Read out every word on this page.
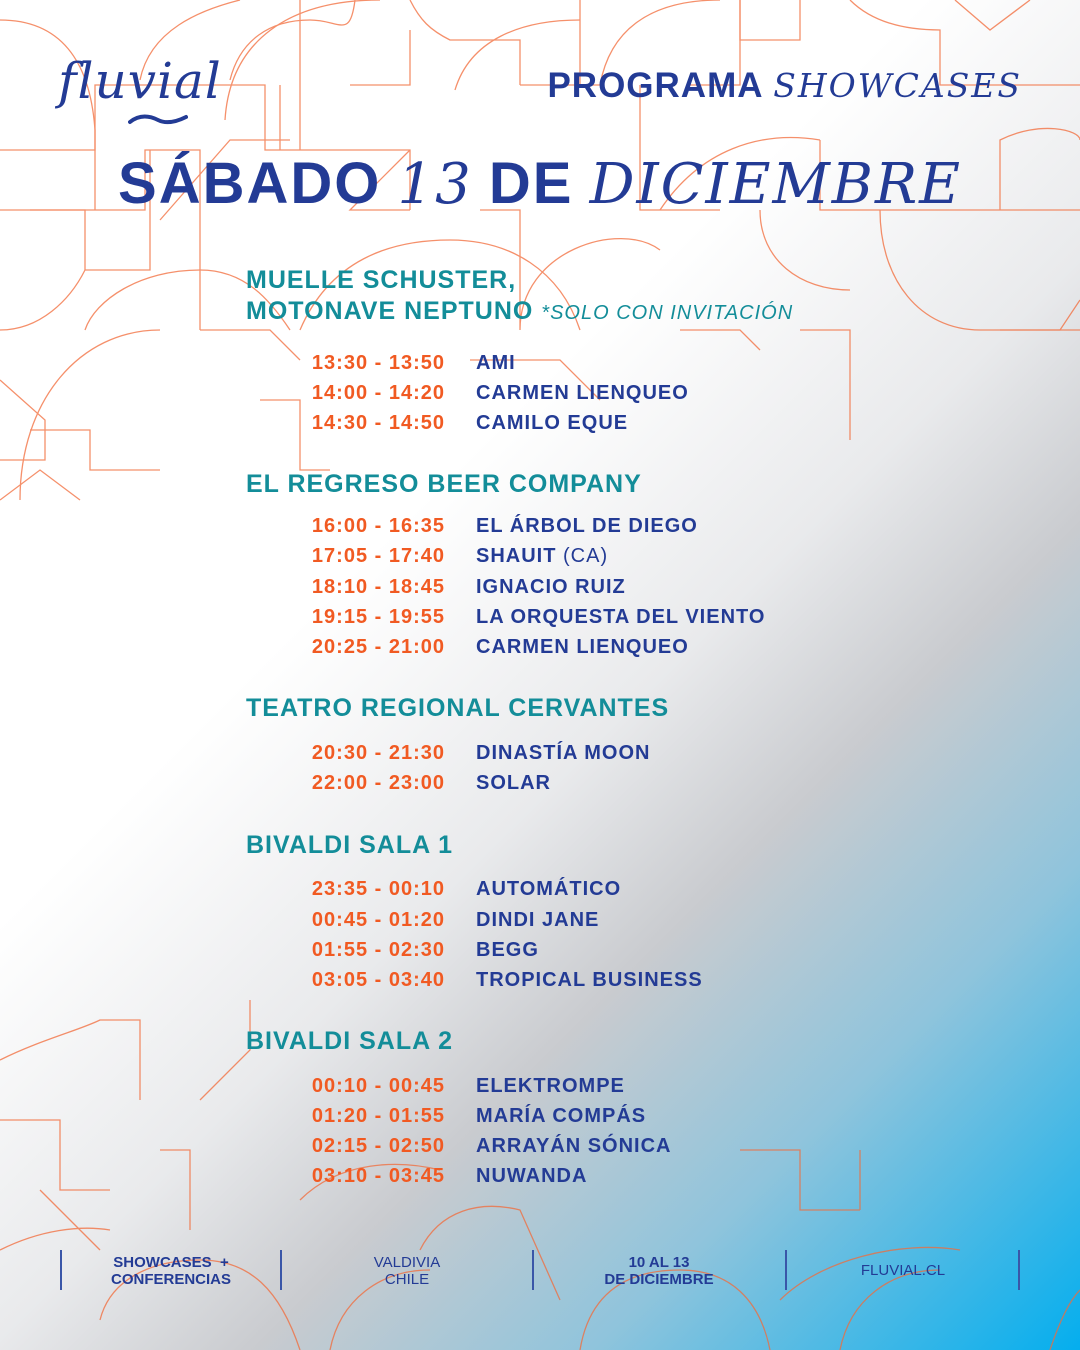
fluvial	PROGRAMA SHOWCASES
SÁBADO 13 DE DICIEMBRE
MUELLE SCHUSTER,
MOTONAVE NEPTUNO *SOLO CON INVITACIÓN
13:30 - 13:50 AMI
14:00 - 14:20 CARMEN LIENQUEO
14:30 - 14:50 CAMILO EQUE
EL REGRESO BEER COMPANY
16:00 - 16:35 EL ÁRBOL DE DIEGO
17:05 - 17:40 SHAUIT (CA)
18:10 - 18:45 IGNACIO RUIZ
19:15 - 19:55 LA ORQUESTA DEL VIENTO
20:25 - 21:00 CARMEN LIENQUEO
TEATRO REGIONAL CERVANTES
20:30 - 21:30 DINASTÍA MOON
22:00 - 23:00 SOLAR
BIVALDI SALA 1
23:35 - 00:10 AUTOMÁTICO
00:45 - 01:20 DINDI JANE
01:55 - 02:30 BEGG
03:05 - 03:40 TROPICAL BUSINESS
BIVALDI SALA 2
00:10 - 00:45 ELEKTROMPE
01:20 - 01:55 MARÍA COMPÁS
02:15 - 02:50 ARRAYÁN SÓNICA
03:10 - 03:45 NUWANDA
SHOWCASES  +
CONFERENCIAS
VALDIVIA
CHILE
10 AL 13
DE DICIEMBRE
FLUVIAL.CL
